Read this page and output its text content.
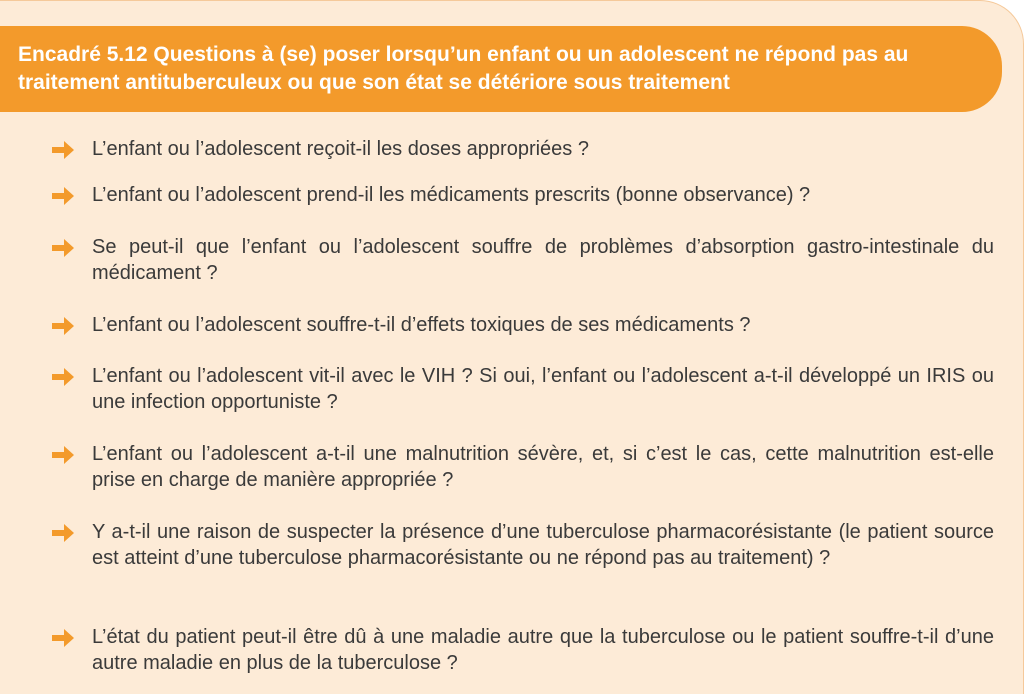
Encadré 5.12 Questions à (se) poser lorsqu’un enfant ou un adolescent ne répond pas au traitement antituberculeux ou que son état se détériore sous traitement
L’enfant ou l’adolescent reçoit-il les doses appropriées ?
L’enfant ou l’adolescent prend-il les médicaments prescrits (bonne observance) ?
Se peut-il que l’enfant ou l’adolescent souffre de problèmes d’absorption gastro-intestinale du médicament ?
L’enfant ou l’adolescent souffre-t-il d’effets toxiques de ses médicaments ?
L’enfant ou l’adolescent vit-il avec le VIH ? Si oui, l’enfant ou l’adolescent a-t-il développé un IRIS ou une infection opportuniste ?
L’enfant ou l’adolescent a-t-il une malnutrition sévère, et, si c’est le cas, cette malnutrition est-elle prise en charge de manière appropriée ?
Y a-t-il une raison de suspecter la présence d’une tuberculose pharmacorésistante (le patient source est atteint d’une tuberculose pharmacorésistante ou ne répond pas au traitement) ?
L’état du patient peut-il être dû à une maladie autre que la tuberculose ou le patient souffre-t-il d’une autre maladie en plus de la tuberculose ?
